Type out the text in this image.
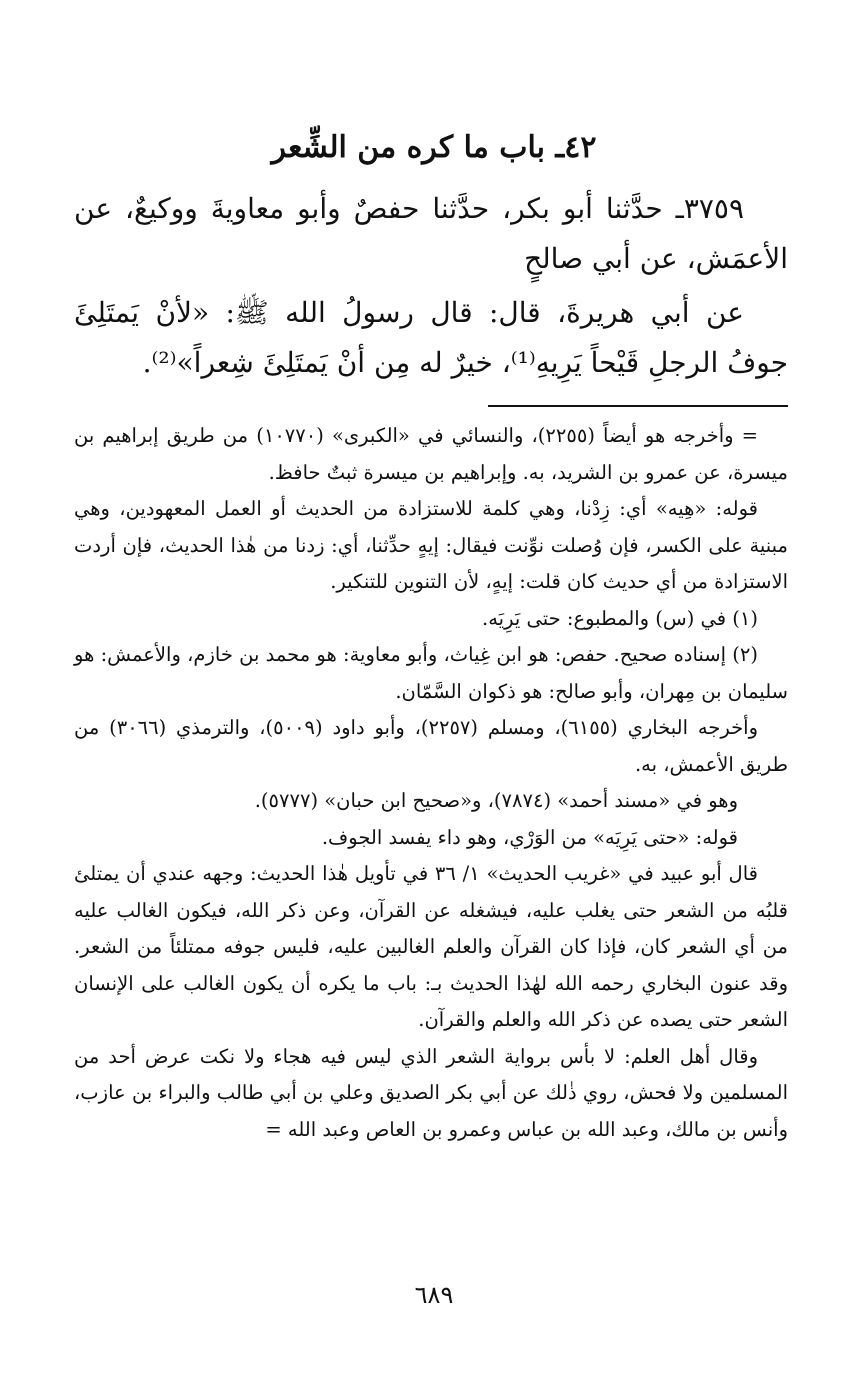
٤٢ـ باب ما كره من الشِّعر

٣٧٥٩ـ حدَّثنا أبو بكر، حدَّثنا حفصٌ وأبو معاويةَ ووكيعٌ، عن الأعمَش، عن أبي صالحٍ

عن أبي هريرةَ، قال: قال رسولُ الله ﷺ: «لأنْ يَمتَلِئَ جوفُ الرجلِ قَيْحاً يَرِيهِ⁽¹⁾، خيرٌ له مِن أنْ يَمتَلِئَ شِعراً»⁽²⁾.

= وأخرجه هو أيضاً (٢٢٥٥)، والنسائي في «الكبرى» (١٠٧٧٠) من طريق إبراهيم بن ميسرة، عن عمرو بن الشريد، به. وإبراهيم بن ميسرة ثبتٌ حافظ.

قوله: «هِيه» أي: زِدْنا، وهي كلمة للاستزادة من الحديث أو العمل المعهودين، وهي مبنية على الكسر، فإن وُصلت نوِّنت فيقال: إيهٍ حدِّثنا، أي: زدنا من هٰذا الحديث، فإن أردت الاستزادة من أي حديث كان قلت: إيهٍ، لأن التنوين للتنكير.

(١) في (س) والمطبوع: حتى يَرِيَه.

(٢) إسناده صحيح. حفص: هو ابن غِياث، وأبو معاوية: هو محمد بن خازم، والأعمش: هو سليمان بن مِهران، وأبو صالح: هو ذكوان السَّمّان.

وأخرجه البخاري (٦١٥٥)، ومسلم (٢٢٥٧)، وأبو داود (٥٠٠٩)، والترمذي (٣٠٦٦) من طريق الأعمش، به.

وهو في «مسند أحمد» (٧٨٧٤)، و«صحيح ابن حبان» (٥٧٧٧).

قوله: «حتى يَرِيَه» من الوَرْي، وهو داء يفسد الجوف.

قال أبو عبيد في «غريب الحديث» ١/ ٣٦ في تأويل هٰذا الحديث: وجهه عندي أن يمتلئ قلبُه من الشعر حتى يغلب عليه، فيشغله عن القرآن، وعن ذكر الله، فيكون الغالب عليه من أي الشعر كان، فإذا كان القرآن والعلم الغالبين عليه، فليس جوفه ممتلئاً من الشعر. وقد عنون البخاري رحمه الله لهٰذا الحديث بـ: باب ما يكره أن يكون الغالب على الإنسان الشعر حتى يصده عن ذكر الله والعلم والقرآن.

وقال أهل العلم: لا بأس برواية الشعر الذي ليس فيه هجاء ولا نكت عرض أحد من المسلمين ولا فحش، روي ذٰلك عن أبي بكر الصديق وعلي بن أبي طالب والبراء بن عازب، وأنس بن مالك، وعبد الله بن عباس وعمرو بن العاص وعبد الله =

٦٨٩
